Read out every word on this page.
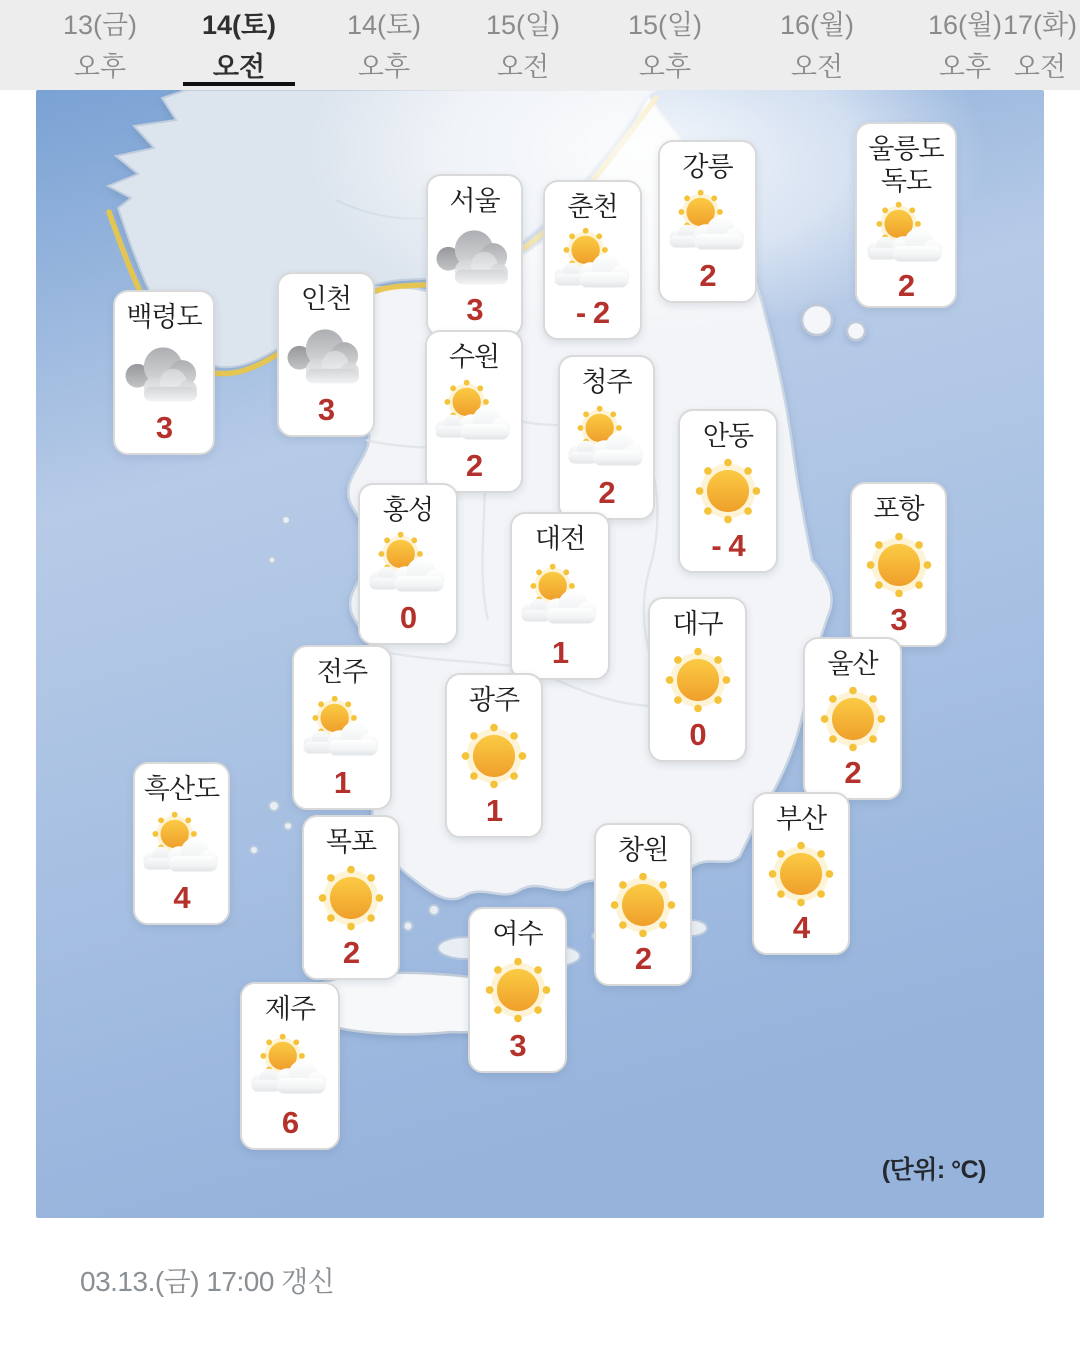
13(금)
오후
14(토)
오전
14(토)
오후
15(일)
오전
15(일)
오후
16(월)
오전
16(월)
오후
17(화)
오전
서울
3
춘천
- 2
강릉
2
울릉도 독도
2
백령도
3
인천
3
수원
2
청주
2
안동
- 4
홍성
0
대전
1
포항
3
대구
0
울산
2
전주
1
광주
1
흑산도
4
목포
2
부산
4
창원
2
여수
3
제주
6
(단위: °C)
03.13.(금) 17:00 갱신
